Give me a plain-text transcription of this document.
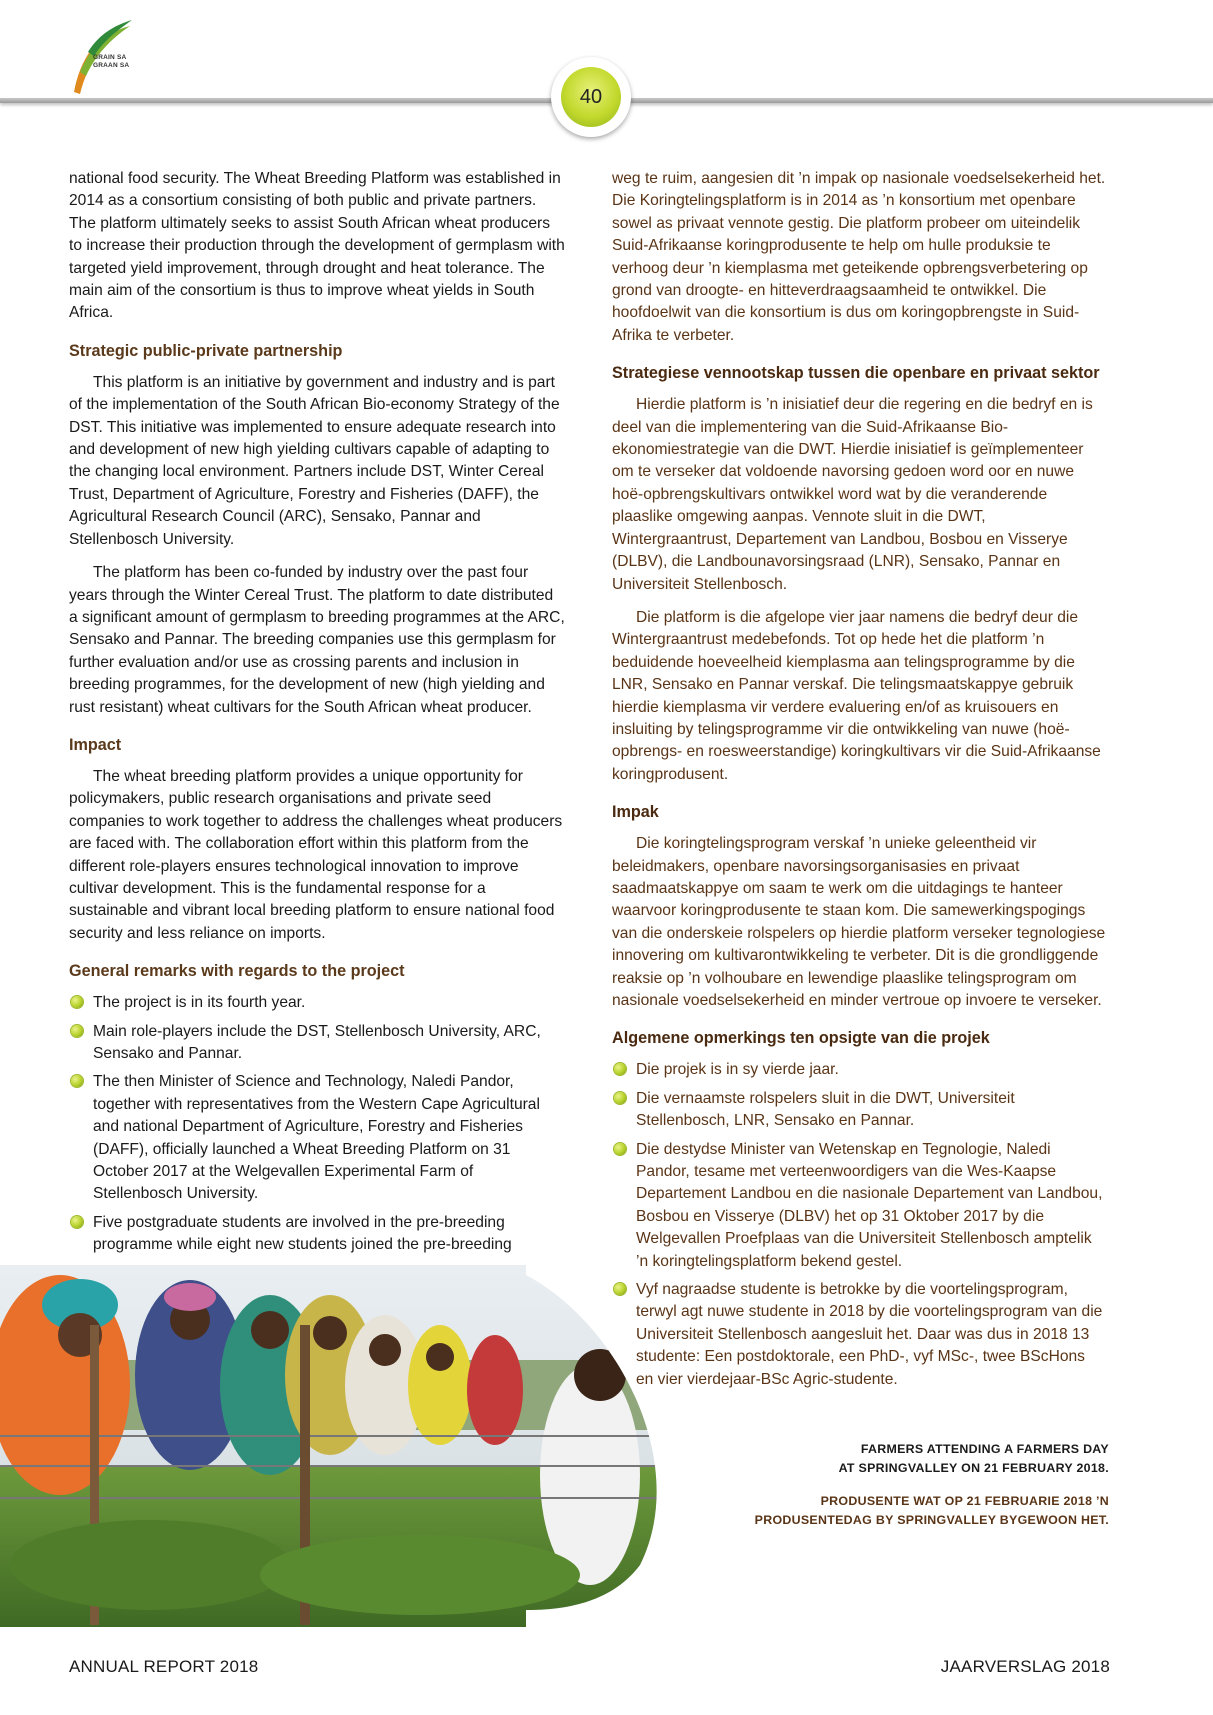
GRAIN SA
GRAAN SA
40

national food security. The Wheat Breeding Platform was established in 2014 as a consortium consisting of both public and private partners. The platform ultimately seeks to assist South African wheat producers to increase their production through the development of germplasm with targeted yield improvement, through drought and heat tolerance. The main aim of the consortium is thus to improve wheat yields in South Africa.

Strategic public-private partnership

This platform is an initiative by government and industry and is part of the implementation of the South African Bio-economy Strategy of the DST. This initiative was implemented to ensure adequate research into and development of new high yielding cultivars capable of adapting to the changing local environment. Partners include DST, Winter Cereal Trust, Department of Agriculture, Forestry and Fisheries (DAFF), the Agricultural Research Council (ARC), Sensako, Pannar and Stellenbosch University.

The platform has been co-funded by industry over the past four years through the Winter Cereal Trust. The platform to date distributed a significant amount of germplasm to breeding programmes at the ARC, Sensako and Pannar. The breeding companies use this germplasm for further evaluation and/or use as crossing parents and inclusion in breeding programmes, for the development of new (high yielding and rust resistant) wheat cultivars for the South African wheat producer.

Impact

The wheat breeding platform provides a unique opportunity for policymakers, public research organisations and private seed companies to work together to address the challenges wheat producers are faced with. The collaboration effort within this platform from the different role-players ensures technological innovation to improve cultivar development. This is the fundamental response for a sustainable and vibrant local breeding platform to ensure national food security and less reliance on imports.

General remarks with regards to the project
The project is in its fourth year.
Main role-players include the DST, Stellenbosch University, ARC, Sensako and Pannar.
The then Minister of Science and Technology, Naledi Pandor, together with representatives from the Western Cape Agricultural and national Department of Agriculture, Forestry and Fisheries (DAFF), officially launched a Wheat Breeding Platform on 31 October 2017 at the Welgevallen Experimental Farm of Stellenbosch University.
Five postgraduate students are involved in the pre-breeding programme while eight new students joined the pre-breeding

weg te ruim, aangesien dit ’n impak op nasionale voedselsekerheid het. Die Koringtelingsplatform is in 2014 as ’n konsortium met openbare sowel as privaat vennote gestig. Die platform probeer om uiteindelik Suid-Afrikaanse koringprodusente te help om hulle produksie te verhoog deur ’n kiemplasma met geteikende opbrengsverbetering op grond van droogte- en hitteverdraagsaamheid te ontwikkel. Die hoofdoelwit van die konsortium is dus om koringopbrengste in Suid-Afrika te verbeter.

Strategiese vennootskap tussen die openbare en privaat sektor

Hierdie platform is ’n inisiatief deur die regering en die bedryf en is deel van die implementering van die Suid-Afrikaanse Bio-ekonomiestrategie van die DWT. Hierdie inisiatief is geïmplementeer om te verseker dat voldoende navorsing gedoen word oor en nuwe hoë-opbrengskultivars ontwikkel word wat by die veranderende plaaslike omgewing aanpas. Vennote sluit in die DWT, Wintergraantrust, Departement van Landbou, Bosbou en Visserye (DLBV), die Landbounavorsingsraad (LNR), Sensako, Pannar en Universiteit Stellenbosch.

Die platform is die afgelope vier jaar namens die bedryf deur die Wintergraantrust medebefonds. Tot op hede het die platform ’n beduidende hoeveelheid kiemplasma aan telingsprogramme by die LNR, Sensako en Pannar verskaf. Die telingsmaatskappye gebruik hierdie kiemplasma vir verdere evaluering en/of as kruisouers en insluiting by telingsprogramme vir die ontwikkeling van nuwe (hoë-opbrengs- en roesweerstandige) koringkultivars vir die Suid-Afrikaanse koringprodusent.

Impak

Die koringtelingsprogram verskaf ’n unieke geleentheid vir beleidmakers, openbare navorsingsorganisasies en privaat saadmaatskappye om saam te werk om die uitdagings te hanteer waarvoor koringprodusente te staan kom. Die samewerkingspogings van die onderskeie rolspelers op hierdie platform verseker tegnologiese innovering om kultivarontwikkeling te verbeter. Dit is die grondliggende reaksie op ’n volhoubare en lewendige plaaslike telingsprogram om nasionale voedselsekerheid en minder vertroue op invoere te verseker.

Algemene opmerkings ten opsigte van die projek
Die projek is in sy vierde jaar.
Die vernaamste rolspelers sluit in die DWT, Universiteit Stellenbosch, LNR, Sensako en Pannar.
Die destydse Minister van Wetenskap en Tegnologie, Naledi Pandor, tesame met verteenwoordigers van die Wes-Kaapse Departement Landbou en die nasionale Departement van Landbou, Bosbou en Visserye (DLBV) het op 31 Oktober 2017 by die Welgevallen Proefplaas van die Universiteit Stellenbosch amptelik ’n koringtelingsplatform bekend gestel.
Vyf nagraadse studente is betrokke by die voortelingsprogram, terwyl agt nuwe studente in 2018 by die voortelingsprogram van die Universiteit Stellenbosch aangesluit het. Daar was dus in 2018 13 studente: Een postdoktorale, een PhD-, vyf MSc-, twee BScHons en vier vierdejaar-BSc Agric-studente.
FARMERS ATTENDING A FARMERS DAY
AT SPRINGVALLEY ON 21 FEBRUARY 2018.
PRODUSENTE WAT OP 21 FEBRUARIE 2018 ’N
PRODUSENTEDAG BY SPRINGVALLEY BYGEWOON HET.
ANNUAL REPORT 2018	JAARVERSLAG 2018
